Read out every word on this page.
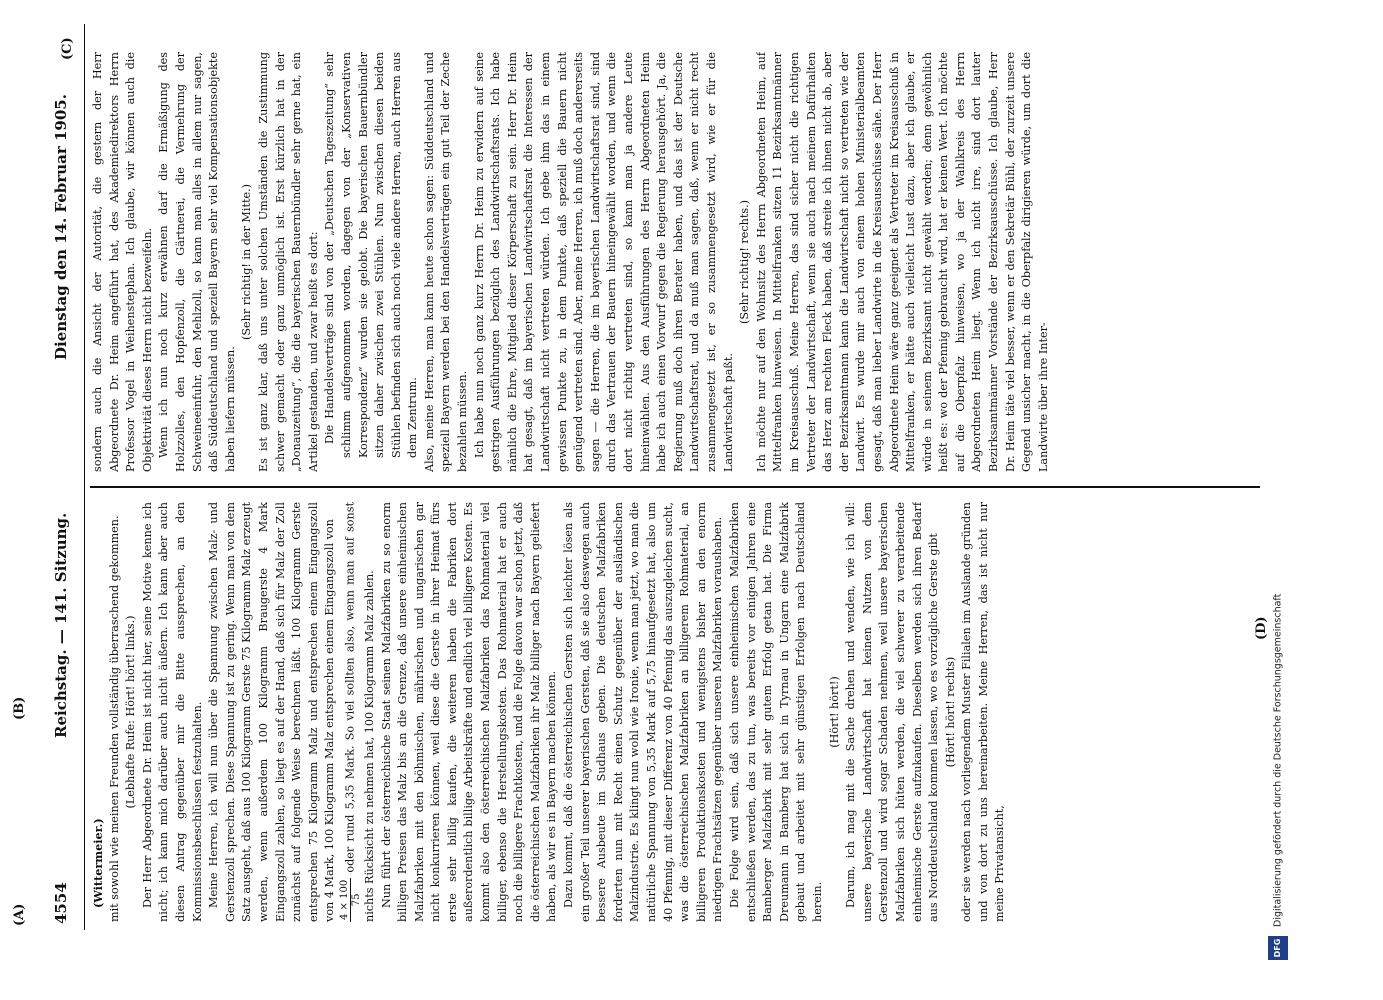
(A)
(B)
(C)
(D)
4554
Reichstag. — 141. Sitzung.
Dienstag den 14. Februar 1905.

(Wittermeier.) mit sowohl wie meinen Freunden vollständig überraschend gekommen. (Lebhafte Rufe: Hört! hört! links.) Der Herr Abgeordnete Dr. Heim ist nicht hier, seine Motive kenne ich nicht; ich kann mich darüber auch nicht äußern. Ich kann aber auch diesen Antrag gegenüber mir die Bitte aussprechen, an den Kommissionsbeschlüssen festzuhalten. Meine Herren, ich will nun über die Spannung zwischen Malz- und Gerstenzoll sprechen. Diese Spannung ist zu gering. Wenn man von dem Satz ausgeht, daß aus 100 Kilogramm Gerste 75 Kilogramm Malz erzeugt werden, wenn außerdem 100 Kilogramm Braugerste 4 Mark Eingangszoll zahlen, so liegt es auf der Hand, daß sich für Malz der Zoll zunächst auf folgende Weise berechnen läßt. 100 Kilogramm Gerste entsprechen 75 Kilogramm Malz und entsprechen einem Eingangszoll von 4 Mark, 100 Kilogramm Malz entsprechen einem Eingangszoll von 4 × 100 75
oder rund 5,35 Mark. So viel sollten also, wenn man auf sonst nichts Rücksicht zu nehmen hat, 100 Kilogramm Malz zahlen. Nun führt der österreichische Staat seinen Malzfabriken zu so enorm billigen Preisen das Malz bis an die Grenze, daß unsere einheimischen Malzfabriken mit den böhmischen, mährischen und ungarischen gar nicht konkurrieren können, weil diese die Gerste in ihrer Heimat fürs erste sehr billig kaufen, die weiteren haben die Fabriken dort außerordentlich billige Arbeitskräfte und endlich viel billigere Kosten. Es kommt also den österreichischen Malzfabriken das Rohmaterial viel billiger, ebenso die Herstellungskosten. Das Rohmaterial hat er auch noch die billigere Frachtkosten, und die Folge davon war schon jetzt, daß die österreichischen Malzfabriken ihr Malz billiger nach Bayern geliefert haben, als wir es in Bayern machen können. Dazu kommt, daß die österreichischen Gersten sich leichter lösen als ein großer Teil unserer bayerischen Gersten, daß sie also deswegen auch bessere Ausbeute im Sudhaus geben. Die deutschen Malzfabriken forderten nun mit Recht einen Schutz gegenüber der ausländischen Malzindustrie. Es klingt nun wohl wie Ironie, wenn man jetzt, wo man die natürliche Spannung von 5,35 Mark auf 5,75 hinaufgesetzt hat, also um 40 Pfennig, mit dieser Differenz von 40 Pfennig das auszugleichen sucht, was die österreichischen Malzfabriken an billigerem Rohmaterial, an billigeren Produktionskosten und wenigstens bisher an den enorm niedrigen Frachtsätzen gegenüber unseren Malzfabriken voraushaben. Die Folge wird sein, daß sich unsere einheimischen Malzfabriken entschließen werden, das zu tun, was bereits vor einigen Jahren eine Bamberger Malzfabrik mit sehr gutem Erfolg getan hat. Die Firma Dreumann in Bamberg hat sich in Tyrnau in Ungarn eine Malzfabrik gebaut und arbeitet mit sehr günstigen Erfolgen nach Deutschland herein.

(Hört! hört!) Darum, ich mag mit die Sache drehen und wenden, wie ich will: unsere bayerische Landwirtschaft hat keinen Nutzen von dem Gerstenzoll und wird sogar Schaden nehmen, weil unsere bayerischen Malzfabriken sich hüten werden, die viel schwerer zu verarbeitende einheimische Gerste aufzukaufen. Dieselben werden sich ihren Bedarf aus Norddeutschland kommen lassen, wo es vorzügliche Gerste gibt (Hört! hört! rechts) oder sie werden nach vorliegendem Muster Filialen im Auslande gründen und von dort zu uns hereinarbeiten. Meine Herren, das ist nicht nur meine Privatansicht,

sondern auch die Ansicht der Autorität, die gestern der Herr Abgeordnete Dr. Heim angeführt hat, des Akademiedirektors Herrn Professor Vogel in Weihenstephan. Ich glaube, wir können auch die Objektivität dieses Herrn nicht bezweifeln. Wenn ich nun noch kurz erwähnen darf die Ermäßigung des Holzzolles, den Hopfenzoll, die Gärtnerei, die Vermehrung der Schweineeinfuhr, den Mehlzoll, so kann man alles in allem nur sagen, daß Süddeutschland und speziell Bayern sehr viel Kompensationsobjekte haben liefern müssen.

(Sehr richtig! in der Mitte.) Es ist ganz klar, daß uns unter solchen Umständen die Zustimmung schwer gemacht oder ganz unmöglich ist. Erst kürzlich hat in der „Donauzeitung“, die die bayerischen Bauernbündler sehr gerne hat, ein Artikel gestanden, und zwar heißt es dort: Die Handelsverträge sind von der „Deutschen Tageszeitung“ sehr schlimm aufgenommen worden, dagegen von der „Konservativen Korrespondenz“ wurden sie gelobt. Die bayerischen Bauernbündler sitzen daher zwischen zwei Stühlen. Nun zwischen diesen beiden Stühlen befinden sich auch noch viele andere Herren, auch Herren aus dem Zentrum. Also, meine Herren, man kann heute schon sagen: Süddeutschland und speziell Bayern werden bei den Handelsverträgen ein gut Teil der Zeche bezahlen müssen. Ich habe nun noch ganz kurz Herrn Dr. Heim zu erwidern auf seine gestrigen Ausführungen bezüglich des Landwirtschaftsrats. Ich habe nämlich die Ehre, Mitglied dieser Körperschaft zu sein. Herr Dr. Heim hat gesagt, daß im bayerischen Landwirtschaftsrat die Interessen der Landwirtschaft nicht vertreten würden. Ich gebe ihm das in einem gewissen Punkte zu, in dem Punkte, daß speziell die Bauern nicht genügend vertreten sind. Aber, meine Herren, ich muß doch andererseits sagen — die Herren, die im bayerischen Landwirtschaftsrat sind, sind durch das Vertrauen der Bauern hineingewählt worden, und wenn die dort nicht richtig vertreten sind, so kann man ja andere Leute hineinwählen. Aus den Ausführungen des Herrn Abgeordneten Heim habe ich auch einen Vorwurf gegen die Regierung herausgehört. Ja, die Regierung muß doch ihren Berater haben, und das ist der Deutsche Landwirtschaftsrat, und da muß man sagen, daß, wenn er nicht recht zusammengesetzt ist, er so zusammengesetzt wird, wie er für die Landwirtschaft paßt.

(Sehr richtig! rechts.) Ich möchte nur auf den Wohnsitz des Herrn Abgeordneten Heim, auf Mittelfranken hinweisen. In Mittelfranken sitzen 11 Bezirksamtmänner im Kreisausschuß. Meine Herren, das sind sicher nicht die richtigen Vertreter der Landwirtschaft, wenn sie auch nach meinem Dafürhalten das Herz am rechten Fleck haben, daß streite ich ihnen nicht ab, aber der Bezirksamtmann kann die Landwirtschaft nicht so vertreten wie der Landwirt. Es wurde mir auch von einem hohen Ministerialbeamten gesagt, daß man lieber Landwirte in die Kreisausschüsse sähe. Der Herr Abgeordnete Heim wäre ganz geeignet als Vertreter im Kreisausschuß in Mittelfranken, er hätte auch vielleicht Lust dazu, aber ich glaube, er würde in seinem Bezirksamt nicht gewählt werden; denn gewöhnlich heißt es: wo der Pfennig gebraucht wird, hat er keinen Wert. Ich möchte auf die Oberpfalz hinweisen, wo ja der Wahlkreis des Herrn Abgeordneten Heim liegt. Wenn ich nicht irre, sind dort lauter Bezirksamtmänner Vorstände der Bezirksausschüsse. Ich glaube, Herr Dr. Heim täte viel besser, wenn er den Sekretär Bühl, der zurzeit unsere Gegend unsicher macht, in die Oberpfalz dirigieren würde, um dort die Landwirte über ihre Inter-

DFG Digitalisierung gefördert durch die Deutsche Forschungsgemeinschaft
